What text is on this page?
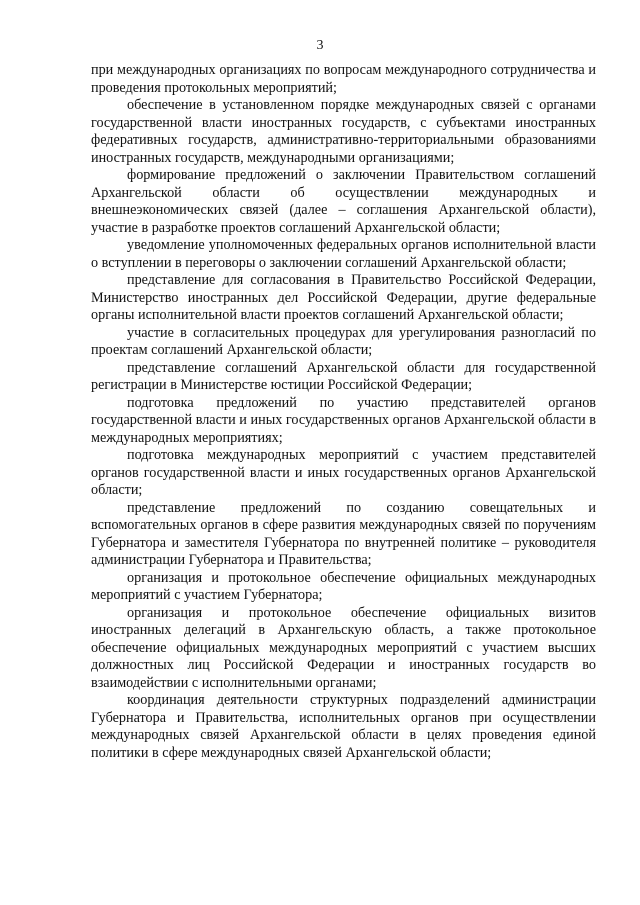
3

при международных организациях по вопросам международного сотрудничества и проведения протокольных мероприятий;

обеспечение в установленном порядке международных связей с органами государственной власти иностранных государств, с субъектами иностранных федеративных государств, административно-территориальными образованиями иностранных государств, международными организациями;

формирование предложений о заключении Правительством соглашений Архангельской области об осуществлении международных и внешнеэкономических связей (далее – соглашения Архангельской области), участие в разработке проектов соглашений Архангельской области;

уведомление уполномоченных федеральных органов исполнительной власти о вступлении в переговоры о заключении соглашений Архангельской области;

представление для согласования в Правительство Российской Федерации, Министерство иностранных дел Российской Федерации, другие федеральные органы исполнительной власти проектов соглашений Архангельской области;

участие в согласительных процедурах для урегулирования разногласий по проектам соглашений Архангельской области;

представление соглашений Архангельской области для государственной регистрации в Министерстве юстиции Российской Федерации;

подготовка предложений по участию представителей органов государственной власти и иных государственных органов Архангельской области в международных мероприятиях;

подготовка международных мероприятий с участием представителей органов государственной власти и иных государственных органов Архангельской области;

представление предложений по созданию совещательных и вспомогательных органов в сфере развития международных связей по поручениям Губернатора и заместителя Губернатора по внутренней политике – руководителя администрации Губернатора и Правительства;

организация и протокольное обеспечение официальных международных мероприятий с участием Губернатора;

организация и протокольное обеспечение официальных визитов иностранных делегаций в Архангельскую область, а также протокольное обеспечение официальных международных мероприятий с участием высших должностных лиц Российской Федерации и иностранных государств во взаимодействии с исполнительными органами;

координация деятельности структурных подразделений администрации Губернатора и Правительства, исполнительных органов при осуществлении международных связей Архангельской области в целях проведения единой политики в сфере международных связей Архангельской области;
